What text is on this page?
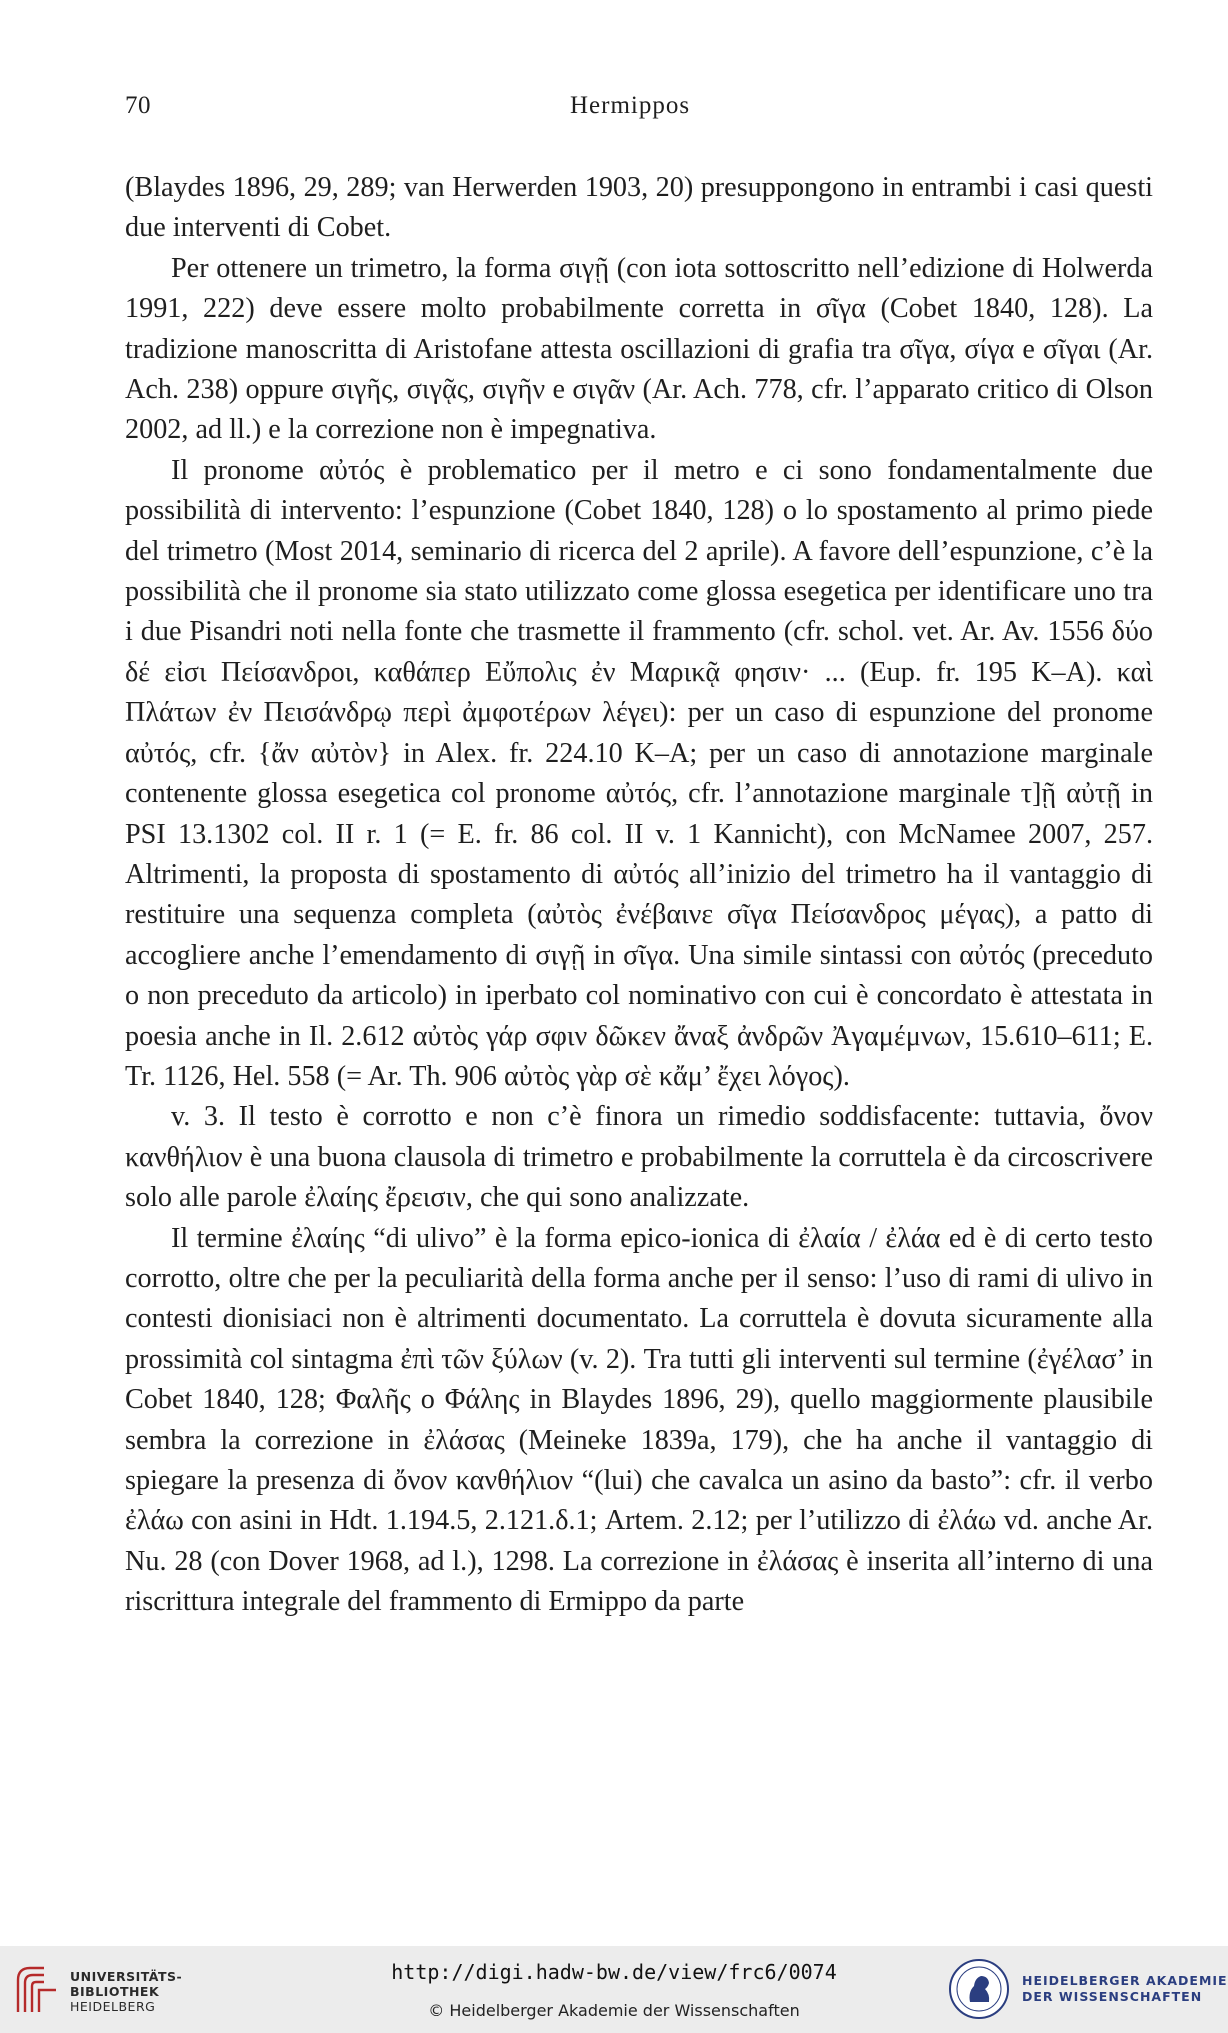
70	Hermippos

(Blaydes 1896, 29, 289; van Herwerden 1903, 20) presuppongono in entrambi i casi questi due interventi di Cobet.

Per ottenere un trimetro, la forma σιγῇ (con iota sottoscritto nell’edizione di Holwerda 1991, 222) deve essere molto probabilmente corretta in σῖγα (Cobet 1840, 128). La tradizione manoscritta di Aristofane attesta oscillazioni di grafia tra σῖγα, σίγα e σῖγαι (Ar. Ach. 238) oppure σιγῆς, σιγᾷς, σιγῆν e σιγᾶν (Ar. Ach. 778, cfr. l’apparato critico di Olson 2002, ad ll.) e la correzione non è impegnativa.

Il pronome αὐτός è problematico per il metro e ci sono fondamentalmente due possibilità di intervento: l’espunzione (Cobet 1840, 128) o lo spostamento al primo piede del trimetro (Most 2014, seminario di ricerca del 2 aprile). A favore dell’espunzione, c’è la possibilità che il pronome sia stato utilizzato come glossa esegetica per identificare uno tra i due Pisandri noti nella fonte che trasmette il frammento (cfr. schol. vet. Ar. Av. 1556 δύο δέ εἰσι Πείσανδροι, καθάπερ Εὔπολις ἐν Μαρικᾷ φησιν· ... (Eup. fr. 195 K–A). καὶ Πλάτων ἐν Πεισάνδρῳ περὶ ἀμφοτέρων λέγει): per un caso di espunzione del pronome αὐτός, cfr. {ἄν αὐτὸν} in Alex. fr. 224.10 K–A; per un caso di annotazione marginale contenente glossa esegetica col pronome αὐτός, cfr. l’annotazione marginale τ]ῇ αὐτῇ in PSI 13.1302 col. II r. 1 (= E. fr. 86 col. II v. 1 Kannicht), con McNamee 2007, 257. Altrimenti, la proposta di spostamento di αὐτός all’inizio del trimetro ha il vantaggio di restituire una sequenza completa (αὐτὸς ἐνέβαινε σῖγα Πείσανδρος μέγας), a patto di accogliere anche l’emendamento di σιγῇ in σῖγα. Una simile sintassi con αὐτός (preceduto o non preceduto da articolo) in iperbato col nominativo con cui è concordato è attestata in poesia anche in Il. 2.612 αὐτὸς γάρ σφιν δῶκεν ἄναξ ἀνδρῶν Ἀγαμέμνων, 15.610–611; E. Tr. 1126, Hel. 558 (= Ar. Th. 906 αὐτὸς γὰρ σὲ κἄμ’ ἔχει λόγος).

v. 3. Il testo è corrotto e non c’è finora un rimedio soddisfacente: tuttavia, ὄνον κανθήλιον è una buona clausola di trimetro e probabilmente la corruttela è da circoscrivere solo alle parole ἐλαίης ἔρεισιν, che qui sono analizzate.

Il termine ἐλαίης “di ulivo” è la forma epico-ionica di ἐλαία / ἐλάα ed è di certo testo corrotto, oltre che per la peculiarità della forma anche per il senso: l’uso di rami di ulivo in contesti dionisiaci non è altrimenti documentato. La corruttela è dovuta sicuramente alla prossimità col sintagma ἐπὶ τῶν ξύλων (v. 2). Tra tutti gli interventi sul termine (ἐγέλασ’ in Cobet 1840, 128; Φαλῆς o Φάλης in Blaydes 1896, 29), quello maggiormente plausibile sembra la correzione in ἐλάσας (Meineke 1839a, 179), che ha anche il vantaggio di spiegare la presenza di ὄνον κανθήλιον “(lui) che cavalca un asino da basto”: cfr. il verbo ἐλάω con asini in Hdt. 1.194.5, 2.121.δ.1; Artem. 2.12; per l’utilizzo di ἐλάω vd. anche Ar. Nu. 28 (con Dover 1968, ad l.), 1298. La correzione in ἐλάσας è inserita all’interno di una riscrittura integrale del frammento di Ermippo da parte

UNIVERSITÄTS-
BIBLIOTHEK
HEIDELBERG
http://digi.hadw-bw.de/view/frc6/0074
© Heidelberger Akademie der Wissenschaften
HEIDELBERGER AKADEMIE
DER WISSENSCHAFTEN
